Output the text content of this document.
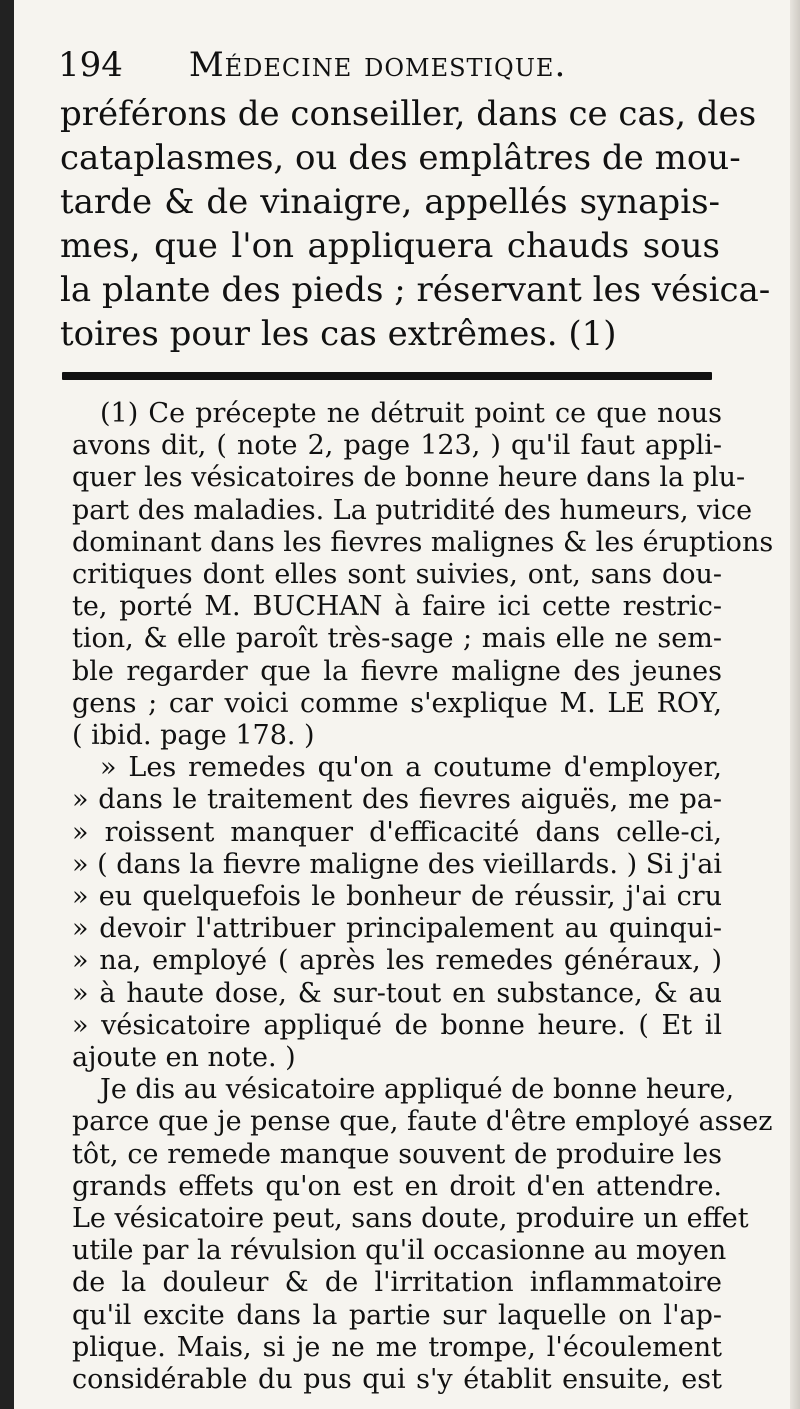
194 Médecine domestique.
préférons de conseiller, dans ce cas, des
cataplasmes, ou des emplâtres de mou-
tarde & de vinaigre, appellés synapis-
mes, que l'on appliquera chauds sous
la plante des pieds ; réservant les vésica-
toires pour les cas extrêmes. (1)
(1) Ce précepte ne détruit point ce que nous
avons dit, ( note 2, page 123, ) qu'il faut appli-
quer les vésicatoires de bonne heure dans la plu-
part des maladies. La putridité des humeurs, vice
dominant dans les fievres malignes & les éruptions
critiques dont elles sont suivies, ont, sans dou-
te, porté M. BUCHAN à faire ici cette restric-
tion, & elle paroît très-sage ; mais elle ne sem-
ble regarder que la fievre maligne des jeunes
gens ; car voici comme s'explique M. LE ROY,
( ibid. page 178. )
» Les remedes qu'on a coutume d'employer,
» dans le traitement des fievres aiguës, me pa-
» roissent manquer d'efficacité dans celle-ci,
» ( dans la fievre maligne des vieillards. ) Si j'ai
» eu quelquefois le bonheur de réussir, j'ai cru
» devoir l'attribuer principalement au quinqui-
» na, employé ( après les remedes généraux, )
» à haute dose, & sur-tout en substance, & au
» vésicatoire appliqué de bonne heure. ( Et il
ajoute en note. )
Je dis au vésicatoire appliqué de bonne heure,
parce que je pense que, faute d'être employé assez
tôt, ce remede manque souvent de produire les
grands effets qu'on est en droit d'en attendre.
Le vésicatoire peut, sans doute, produire un effet
utile par la révulsion qu'il occasionne au moyen
de la douleur & de l'irritation inflammatoire
qu'il excite dans la partie sur laquelle on l'ap-
plique. Mais, si je ne me trompe, l'écoulement
considérable du pus qui s'y établit ensuite, est
